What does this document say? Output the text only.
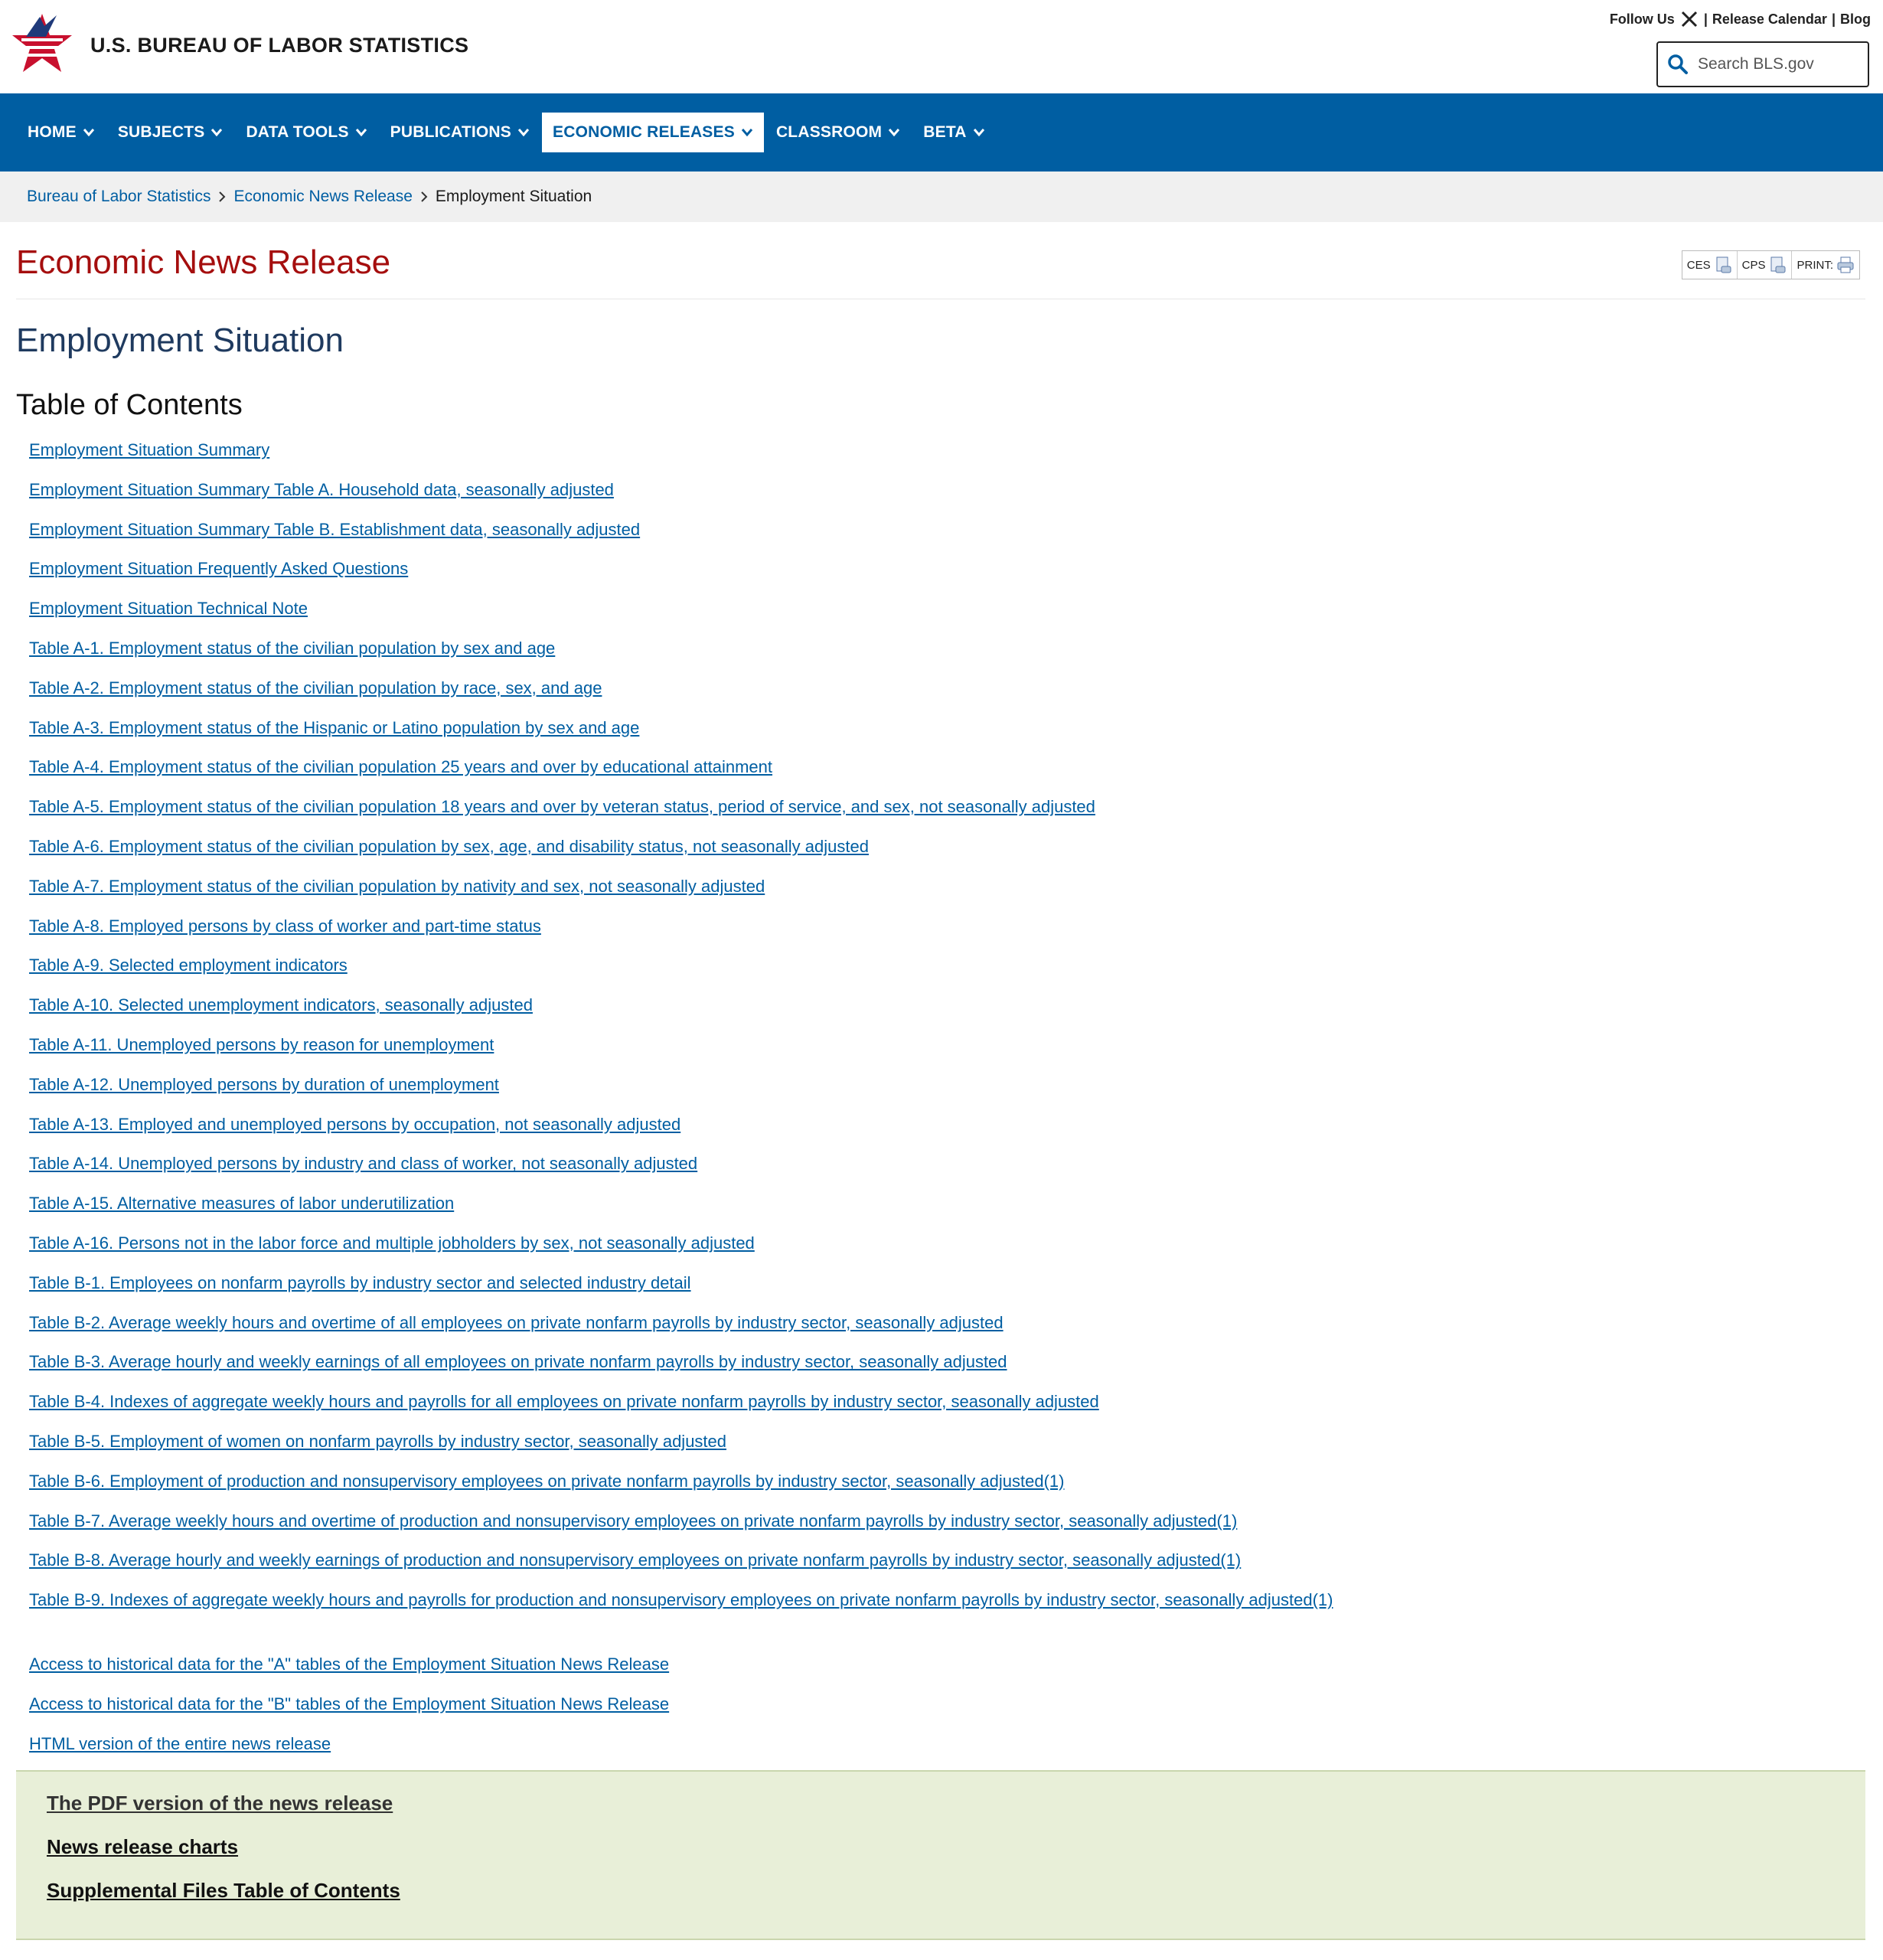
U.S. BUREAU OF LABOR STATISTICS
Follow Us | Release Calendar | Blog
Search BLS.gov
HOME	SUBJECTS	DATA TOOLS	PUBLICATIONS	ECONOMIC RELEASES	CLASSROOM	BETA
Bureau of Labor Statistics Economic News Release Employment Situation
Economic News Release	CES	CPS	PRINT:
Employment Situation
Table of Contents
Employment Situation Summary
Employment Situation Summary Table A. Household data, seasonally adjusted
Employment Situation Summary Table B. Establishment data, seasonally adjusted
Employment Situation Frequently Asked Questions
Employment Situation Technical Note
Table A-1. Employment status of the civilian population by sex and age
Table A-2. Employment status of the civilian population by race, sex, and age
Table A-3. Employment status of the Hispanic or Latino population by sex and age
Table A-4. Employment status of the civilian population 25 years and over by educational attainment
Table A-5. Employment status of the civilian population 18 years and over by veteran status, period of service, and sex, not seasonally adjusted
Table A-6. Employment status of the civilian population by sex, age, and disability status, not seasonally adjusted
Table A-7. Employment status of the civilian population by nativity and sex, not seasonally adjusted
Table A-8. Employed persons by class of worker and part-time status
Table A-9. Selected employment indicators
Table A-10. Selected unemployment indicators, seasonally adjusted
Table A-11. Unemployed persons by reason for unemployment
Table A-12. Unemployed persons by duration of unemployment
Table A-13. Employed and unemployed persons by occupation, not seasonally adjusted
Table A-14. Unemployed persons by industry and class of worker, not seasonally adjusted
Table A-15. Alternative measures of labor underutilization
Table A-16. Persons not in the labor force and multiple jobholders by sex, not seasonally adjusted
Table B-1. Employees on nonfarm payrolls by industry sector and selected industry detail
Table B-2. Average weekly hours and overtime of all employees on private nonfarm payrolls by industry sector, seasonally adjusted
Table B-3. Average hourly and weekly earnings of all employees on private nonfarm payrolls by industry sector, seasonally adjusted
Table B-4. Indexes of aggregate weekly hours and payrolls for all employees on private nonfarm payrolls by industry sector, seasonally adjusted
Table B-5. Employment of women on nonfarm payrolls by industry sector, seasonally adjusted
Table B-6. Employment of production and nonsupervisory employees on private nonfarm payrolls by industry sector, seasonally adjusted(1)
Table B-7. Average weekly hours and overtime of production and nonsupervisory employees on private nonfarm payrolls by industry sector, seasonally adjusted(1)
Table B-8. Average hourly and weekly earnings of production and nonsupervisory employees on private nonfarm payrolls by industry sector, seasonally adjusted(1)
Table B-9. Indexes of aggregate weekly hours and payrolls for production and nonsupervisory employees on private nonfarm payrolls by industry sector, seasonally adjusted(1)
Access to historical data for the "A" tables of the Employment Situation News Release
Access to historical data for the "B" tables of the Employment Situation News Release
HTML version of the entire news release
The PDF version of the news release
News release charts
Supplemental Files Table of Contents
